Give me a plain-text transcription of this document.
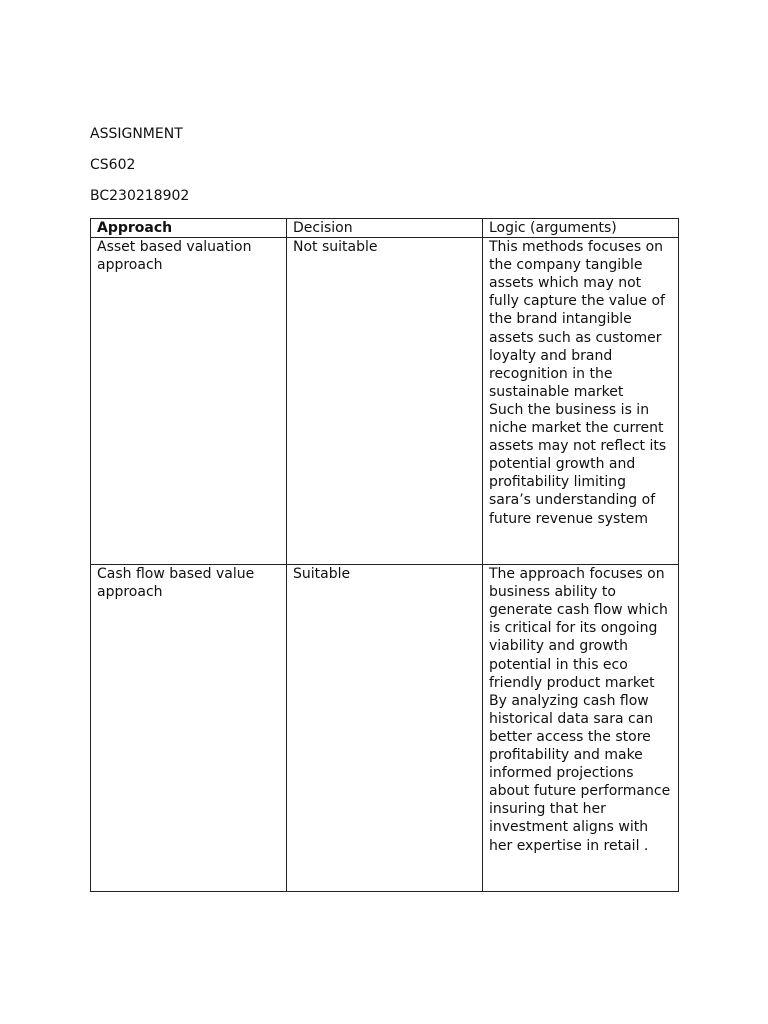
ASSIGNMENT

CS602

BC230218902

Approach	Decision	Logic (arguments)
Asset based valuation approach	Not suitable	This methods focuses on the company tangible assets which may not fully capture the value of the brand intangible assets such as customer loyalty and brand recognition in the sustainable market
Such the business is in niche market the current assets may not reflect its potential growth and profitability limiting sara’s understanding of future revenue system
Cash flow based value approach	Suitable	The approach focuses on business ability to generate cash flow which is critical for its ongoing viability and growth potential in this eco friendly product market
By analyzing cash flow historical data sara can better access the store profitability and make informed projections about future performance insuring that her investment aligns with her expertise in retail .
